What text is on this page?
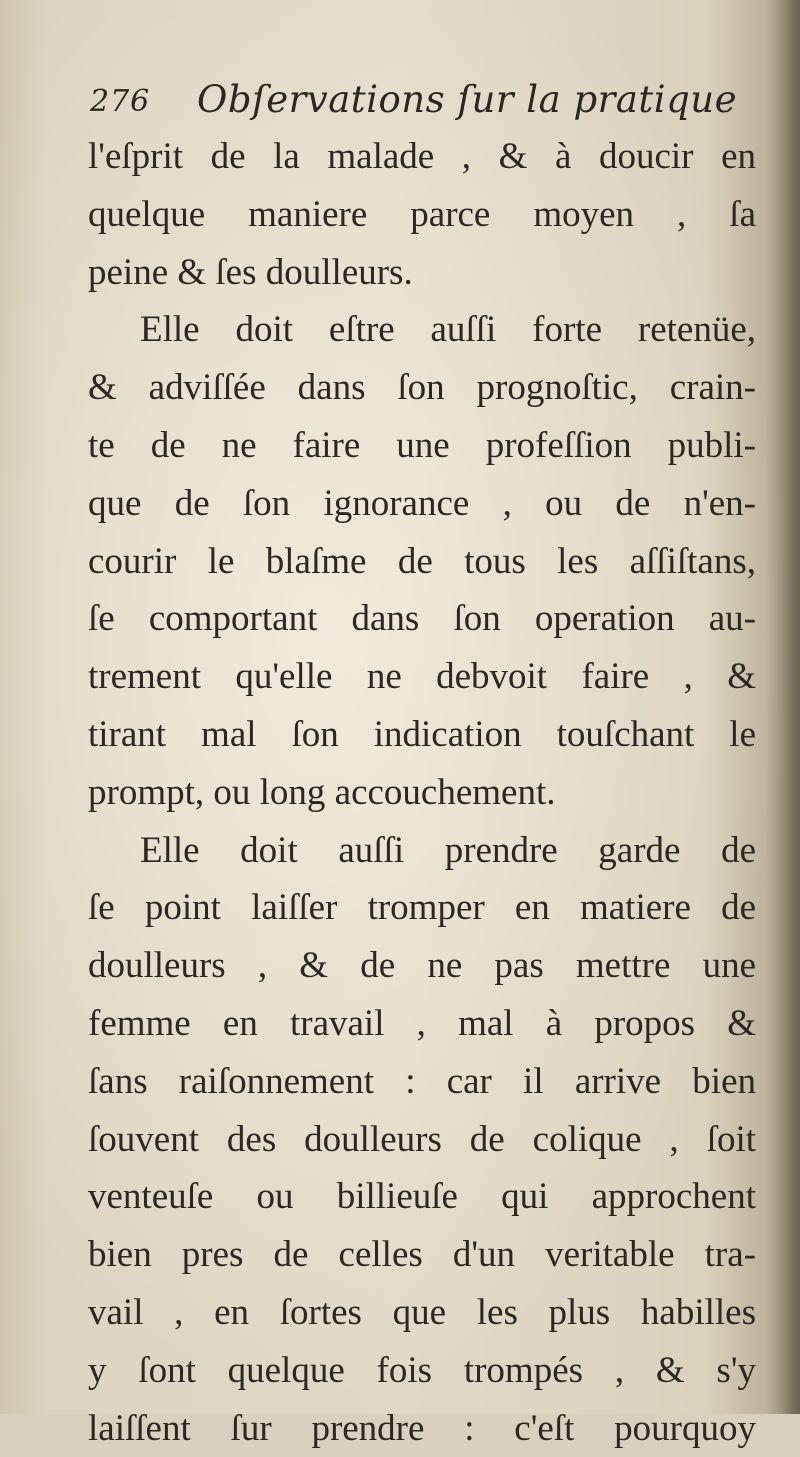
276 Obſervations ſur la pratique
l'eſprit de la malade , & à doucir en
quelque maniere parce moyen , ſa
peine & ſes doulleurs.
Elle doit eſtre auſſi forte retenüe,
& adviſſée dans ſon prognoſtic, crain-
te de ne faire une profeſſion publi-
que de ſon ignorance , ou de n'en-
courir le blaſme de tous les aſſiſtans,
ſe comportant dans ſon operation au-
trement qu'elle ne debvoit faire , &
tirant mal ſon indication touſchant le
prompt, ou long accouchement.
Elle doit auſſi prendre garde de
ſe point laiſſer tromper en matiere de
doulleurs , & de ne pas mettre une
femme en travail , mal à propos &
ſans raiſonnement : car il arrive bien
ſouvent des doulleurs de colique , ſoit
venteuſe ou billieuſe qui approchent
bien pres de celles d'un veritable tra-
vail , en ſortes que les plus habilles
y ſont quelque fois trompés , & s'y
laiſſent ſur prendre : c'eſt pourquoy
